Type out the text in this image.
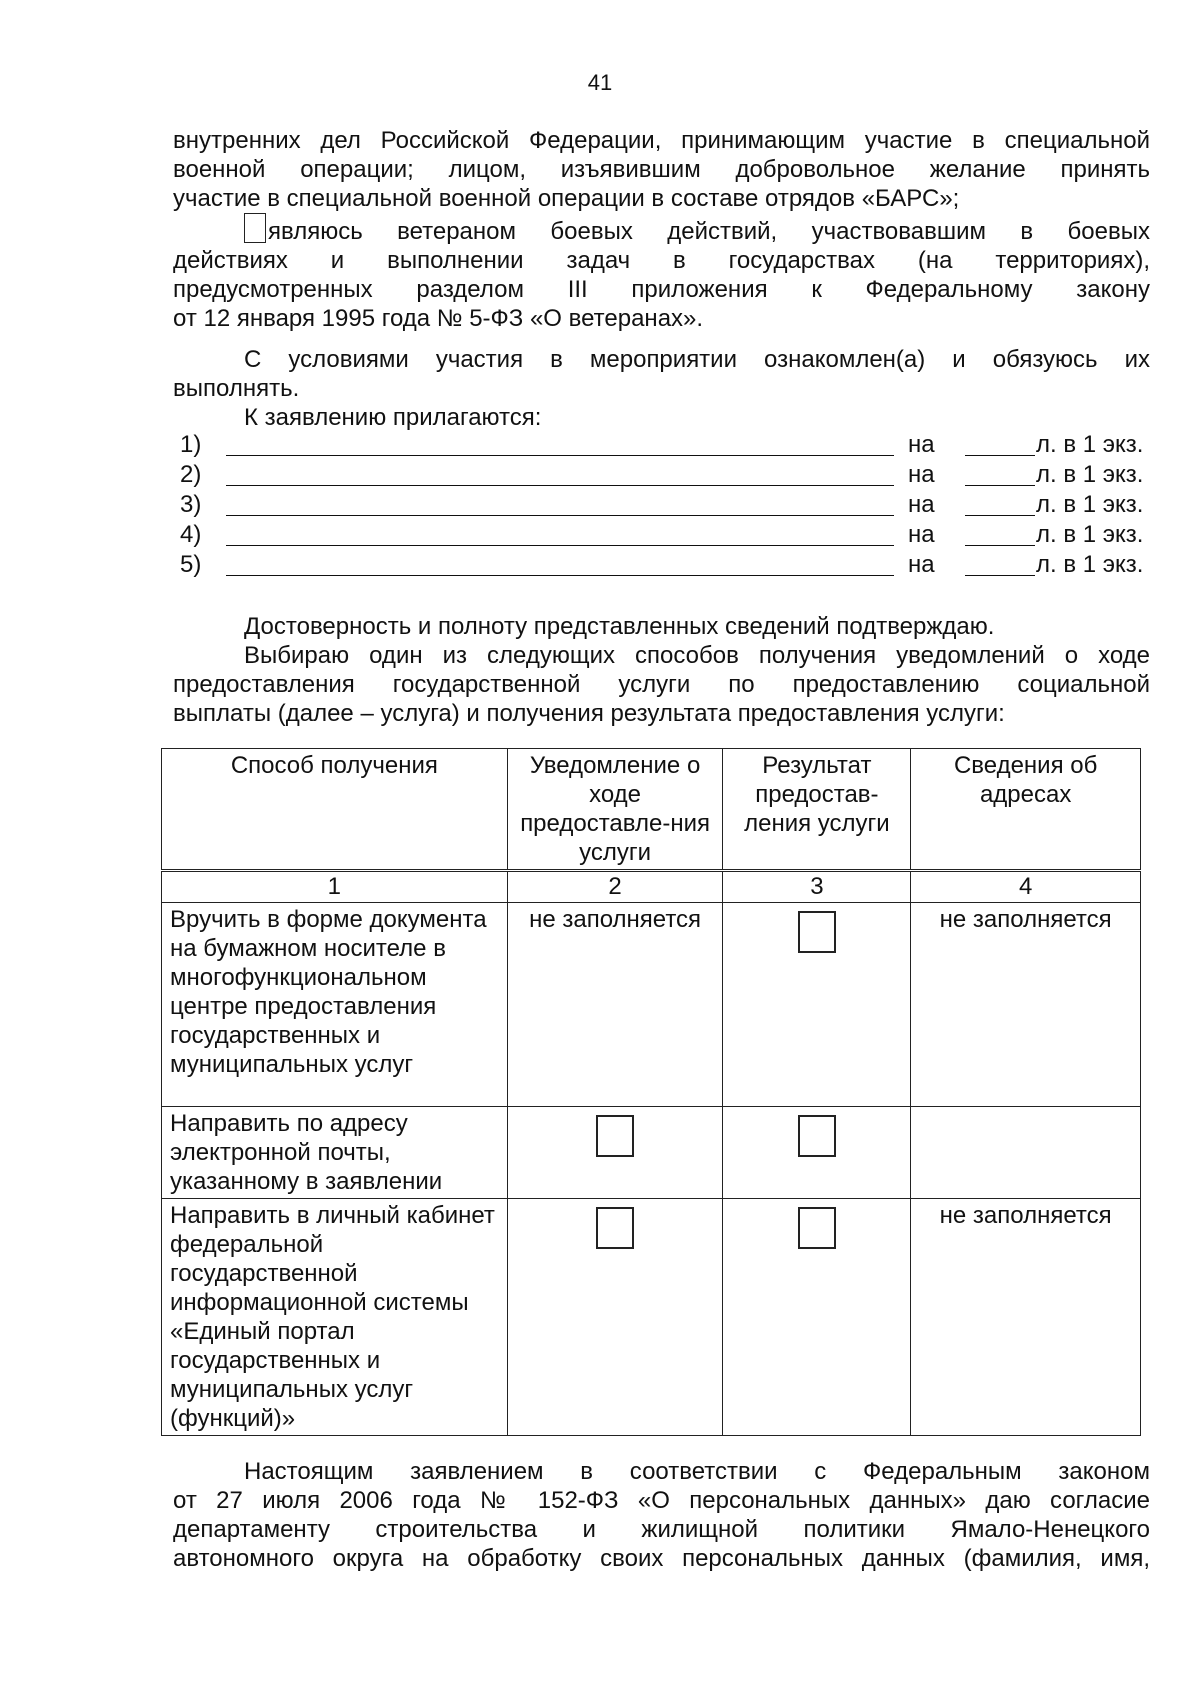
41

внутренних дел Российской Федерации, принимающим участие в специальной
военной операции; лицом, изъявившим добровольное желание принять
участие в специальной военной операции в составе отрядов «БАРС»;

являюсь ветераном боевых действий, участвовавшим в боевых
действиях и выполнении задач в государствах (на территориях),
предусмотренных разделом III приложения к Федеральному закону
от 12 января 1995 года № 5-ФЗ «О ветеранах».

С условиями участия в мероприятии ознакомлен(а) и обязуюсь их
выполнять.

К заявлению прилагаются:

1)	на	л. в 1 экз.
2)	на	л. в 1 экз.
3)	на	л. в 1 экз.
4)	на	л. в 1 экз.
5)	на	л. в 1 экз.

Достоверность и полноту представленных сведений подтверждаю.

Выбираю один из следующих способов получения уведомлений о ходе
предоставления государственной услуги по предоставлению социальной
выплаты (далее – услуга) и получения результата предоставления услуги:

Способ получения	Уведомление о ходе предоставле-ния услуги	Результат предостав-ления услуги	Сведения об адресах
1	2	3	4
Вручить в форме документа на бумажном носителе в многофункциональном центре предоставления государственных и муниципальных услуг	не заполняется		не заполняется
Направить по адресу электронной почты, указанному в заявлении			
Направить в личный кабинет федеральной государственной информационной системы «Единый портал государственных и муниципальных услуг (функций)»			не заполняется

Настоящим заявлением в соответствии с Федеральным законом
от 27 июля 2006 года № 152-ФЗ «О персональных данных» даю согласие
департаменту строительства и жилищной политики Ямало-Ненецкого
автономного округа на обработку своих персональных данных (фамилия, имя,
